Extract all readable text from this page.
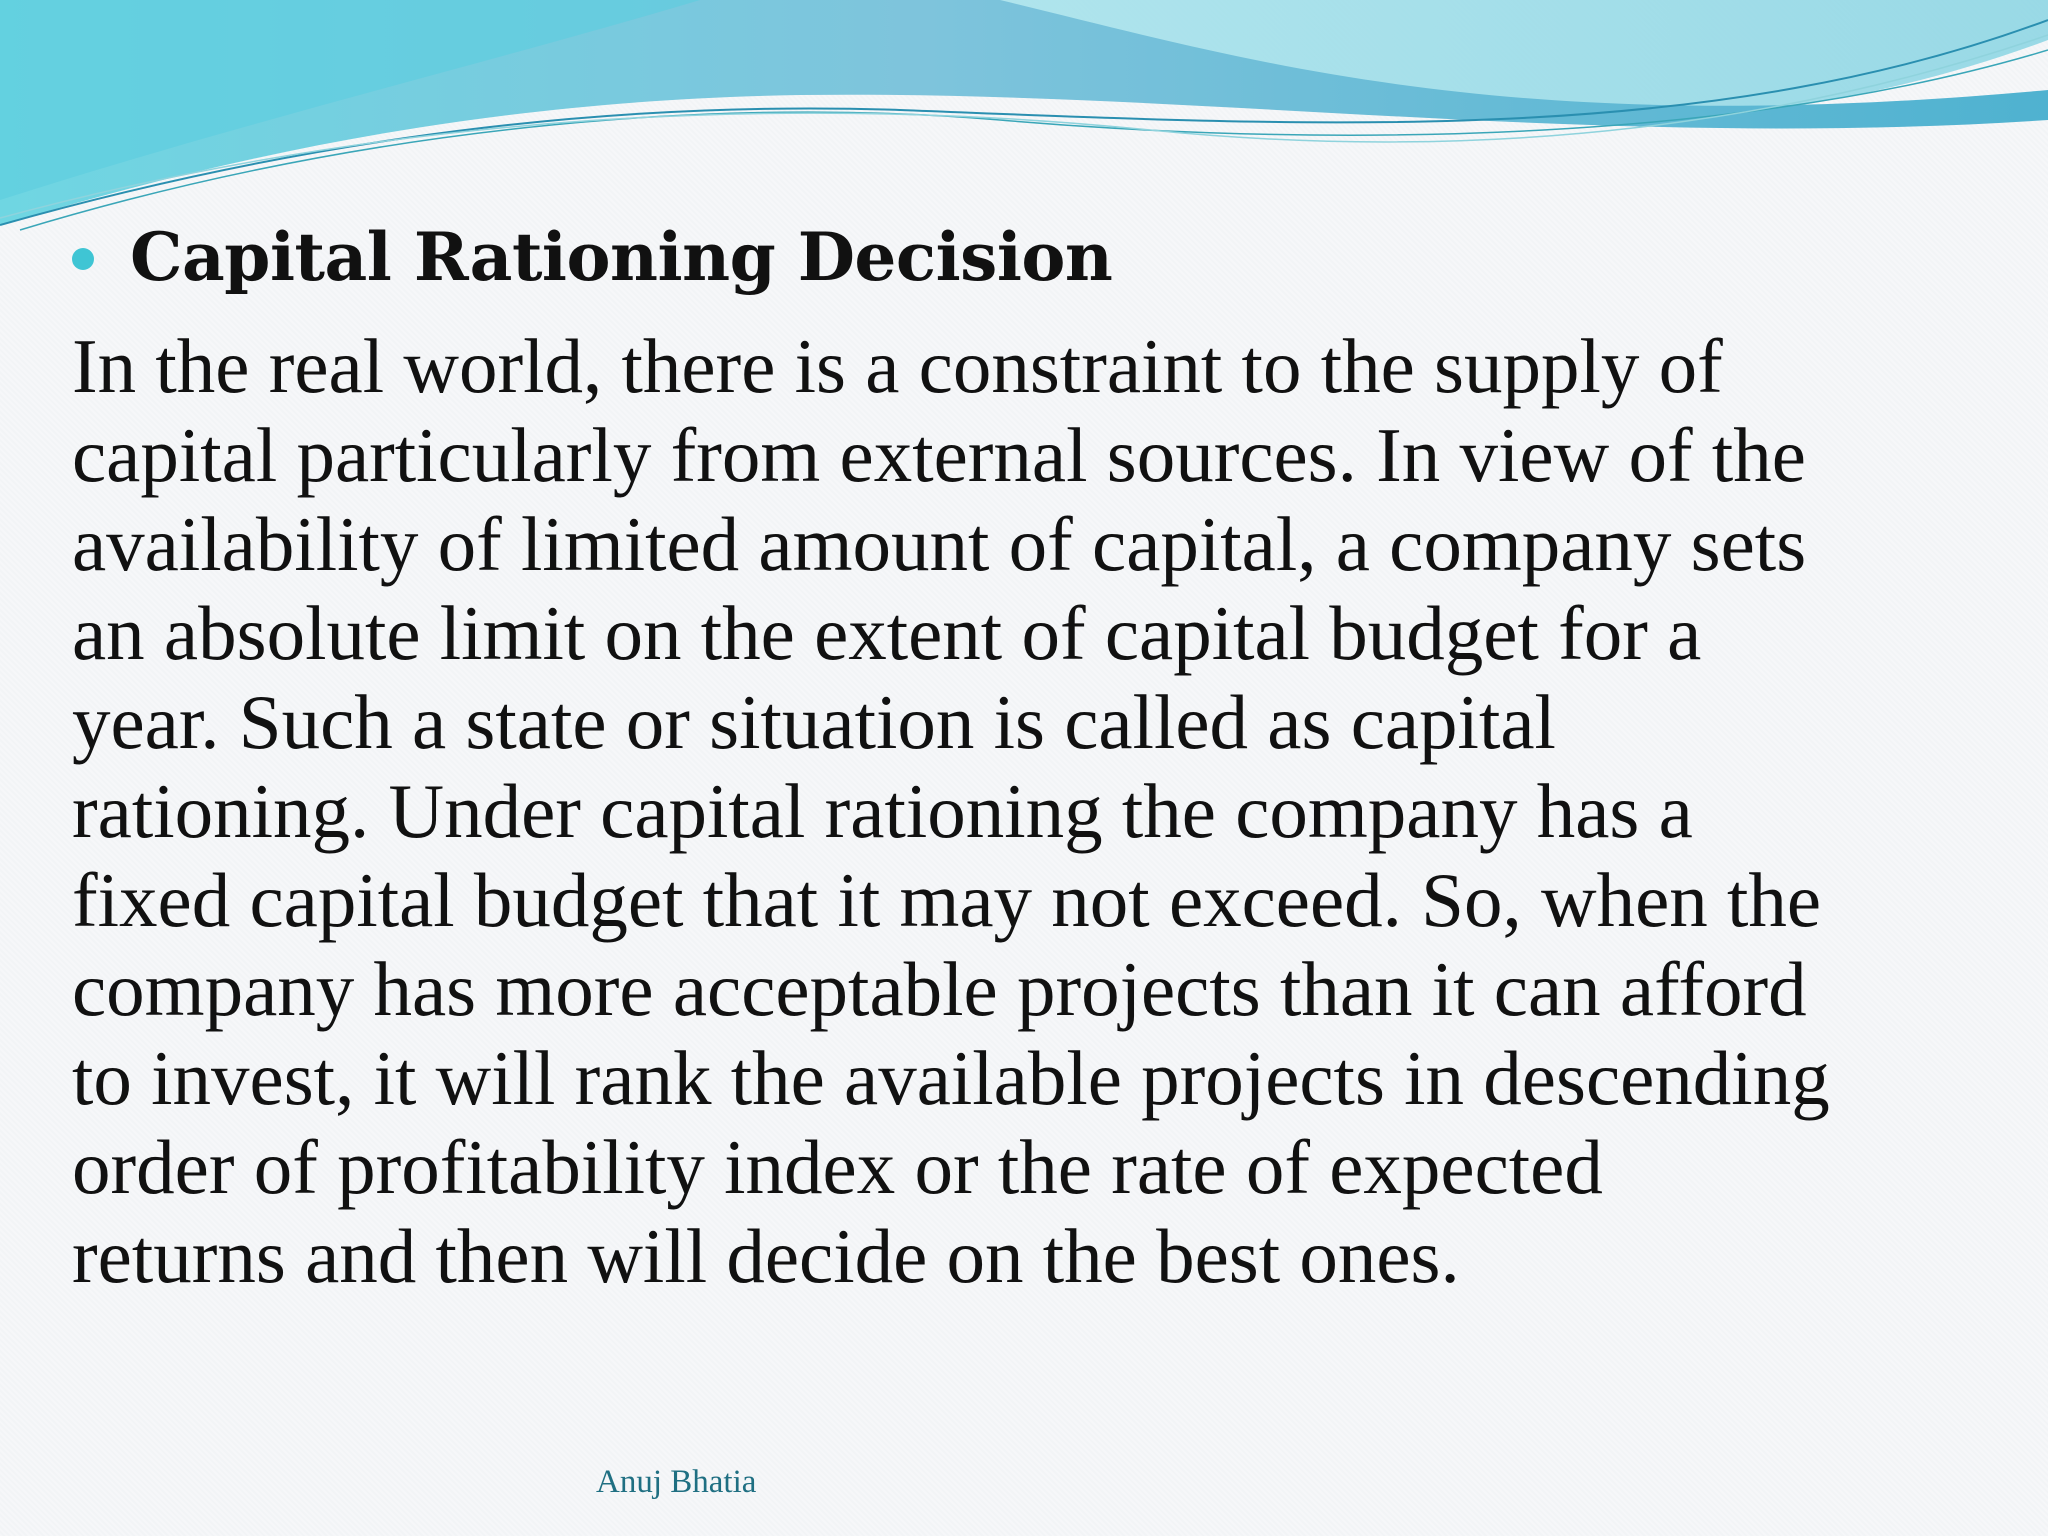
Capital Rationing Decision

In the real world, there is a constraint to the supply of
capital particularly from external sources. In view of the
availability of limited amount of capital, a company sets
an absolute limit on the extent of capital budget for a
year. Such a state or situation is called as capital
rationing. Under capital rationing the company has a
fixed capital budget that it may not exceed. So, when the
company has more acceptable projects than it can afford
to invest, it will rank the available projects in descending
order of profitability index or the rate of expected
returns and then will decide on the best ones.

Anuj Bhatia
